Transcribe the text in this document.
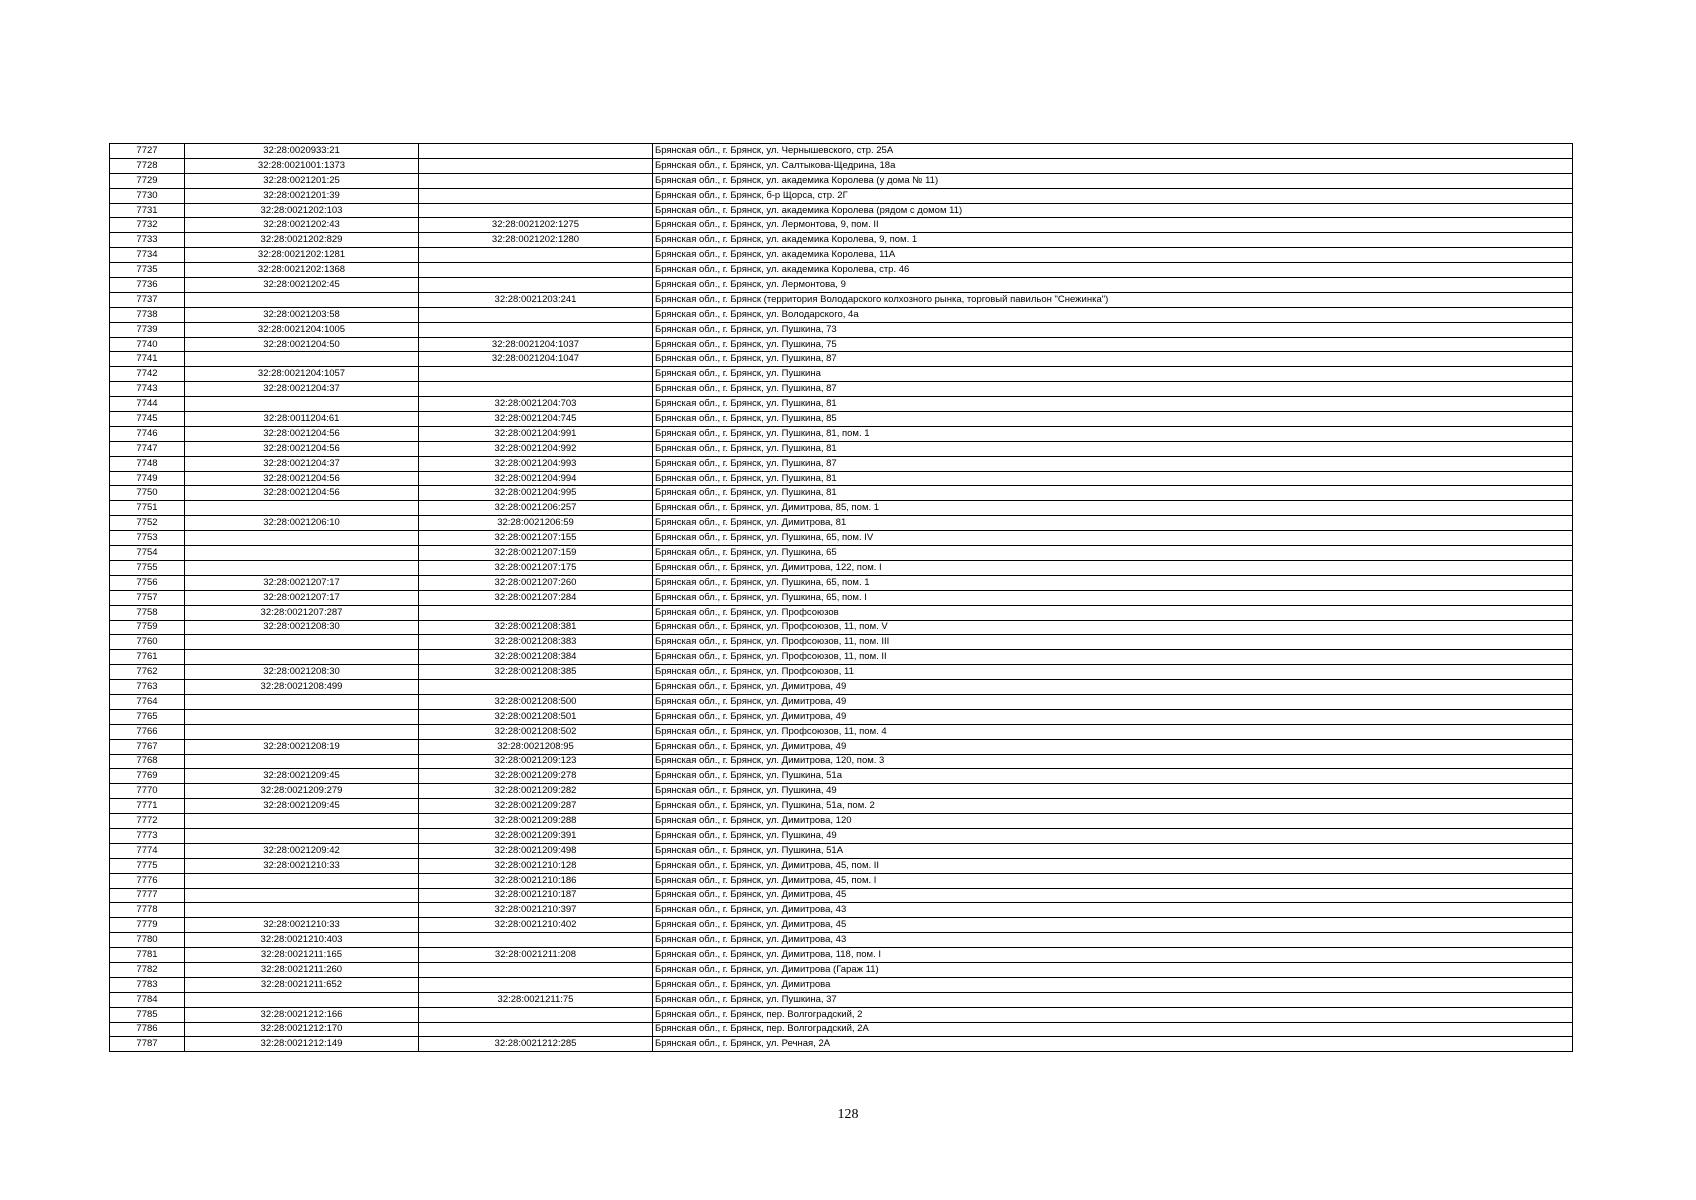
7727	32:28:0020933:21		Брянская обл., г. Брянск, ул. Чернышевского, стр. 25А
7728	32:28:0021001:1373		Брянская обл., г. Брянск, ул. Салтыкова-Щедрина, 18а
7729	32:28:0021201:25		Брянская обл., г. Брянск, ул. академика Королева (у дома № 11)
7730	32:28:0021201:39		Брянская обл., г. Брянск, б-р Щорса, стр. 2Г
7731	32:28:0021202:103		Брянская обл., г. Брянск, ул. академика Королева (рядом с домом 11)
7732	32:28:0021202:43	32:28:0021202:1275	Брянская обл., г. Брянск, ул. Лермонтова, 9, пом. II
7733	32:28:0021202:829	32:28:0021202:1280	Брянская обл., г. Брянск, ул. академика Королева, 9, пом. 1
7734	32:28:0021202:1281		Брянская обл., г. Брянск, ул. академика Королева, 11А
7735	32:28:0021202:1368		Брянская обл., г. Брянск, ул. академика Королева, стр. 46
7736	32:28:0021202:45		Брянская обл., г. Брянск, ул. Лермонтова, 9
7737		32:28:0021203:241	Брянская обл., г. Брянск (территория Володарского колхозного рынка, торговый павильон "Снежинка")
7738	32:28:0021203:58		Брянская обл., г. Брянск, ул. Володарского, 4а
7739	32:28:0021204:1005		Брянская обл., г. Брянск, ул. Пушкина, 73
7740	32:28:0021204:50	32:28:0021204:1037	Брянская обл., г. Брянск, ул. Пушкина, 75
7741		32:28:0021204:1047	Брянская обл., г. Брянск, ул. Пушкина, 87
7742	32:28:0021204:1057		Брянская обл., г. Брянск, ул. Пушкина
7743	32:28:0021204:37		Брянская обл., г. Брянск, ул. Пушкина, 87
7744		32:28:0021204:703	Брянская обл., г. Брянск, ул. Пушкина, 81
7745	32:28:0011204:61	32:28:0021204:745	Брянская обл., г. Брянск, ул. Пушкина, 85
7746	32:28:0021204:56	32:28:0021204:991	Брянская обл., г. Брянск, ул. Пушкина, 81, пом. 1
7747	32:28:0021204:56	32:28:0021204:992	Брянская обл., г. Брянск, ул. Пушкина, 81
7748	32:28:0021204:37	32:28:0021204:993	Брянская обл., г. Брянск, ул. Пушкина, 87
7749	32:28:0021204:56	32:28:0021204:994	Брянская обл., г. Брянск, ул. Пушкина, 81
7750	32:28:0021204:56	32:28:0021204:995	Брянская обл., г. Брянск, ул. Пушкина, 81
7751		32:28:0021206:257	Брянская обл., г. Брянск, ул. Димитрова, 85, пом. 1
7752	32:28:0021206:10	32:28:0021206:59	Брянская обл., г. Брянск, ул. Димитрова, 81
7753		32:28:0021207:155	Брянская обл., г. Брянск, ул. Пушкина, 65, пом. IV
7754		32:28:0021207:159	Брянская обл., г. Брянск, ул. Пушкина, 65
7755		32:28:0021207:175	Брянская обл., г. Брянск, ул. Димитрова, 122, пом. I
7756	32:28:0021207:17	32:28:0021207:260	Брянская обл., г. Брянск, ул. Пушкина, 65, пом. 1
7757	32:28:0021207:17	32:28:0021207:284	Брянская обл., г. Брянск, ул. Пушкина, 65, пом. I
7758	32:28:0021207:287		Брянская обл., г. Брянск, ул. Профсоюзов
7759	32:28:0021208:30	32:28:0021208:381	Брянская обл., г. Брянск, ул. Профсоюзов, 11, пом. V
7760		32:28:0021208:383	Брянская обл., г. Брянск, ул. Профсоюзов, 11, пом. III
7761		32:28:0021208:384	Брянская обл., г. Брянск, ул. Профсоюзов, 11, пом. II
7762	32:28:0021208:30	32:28:0021208:385	Брянская обл., г. Брянск, ул. Профсоюзов, 11
7763	32:28:0021208:499		Брянская обл., г. Брянск, ул. Димитрова, 49
7764		32:28:0021208:500	Брянская обл., г. Брянск, ул. Димитрова, 49
7765		32:28:0021208:501	Брянская обл., г. Брянск, ул. Димитрова, 49
7766		32:28:0021208:502	Брянская обл., г. Брянск, ул. Профсоюзов, 11, пом. 4
7767	32:28:0021208:19	32:28:0021208:95	Брянская обл., г. Брянск, ул. Димитрова, 49
7768		32:28:0021209:123	Брянская обл., г. Брянск, ул. Димитрова, 120, пом. 3
7769	32:28:0021209:45	32:28:0021209:278	Брянская обл., г. Брянск, ул. Пушкина, 51а
7770	32:28:0021209:279	32:28:0021209:282	Брянская обл., г. Брянск, ул. Пушкина, 49
7771	32:28:0021209:45	32:28:0021209:287	Брянская обл., г. Брянск, ул. Пушкина, 51а, пом. 2
7772		32:28:0021209:288	Брянская обл., г. Брянск, ул. Димитрова, 120
7773		32:28:0021209:391	Брянская обл., г. Брянск, ул. Пушкина, 49
7774	32:28:0021209:42	32:28:0021209:498	Брянская обл., г. Брянск, ул. Пушкина, 51А
7775	32:28:0021210:33	32:28:0021210:128	Брянская обл., г. Брянск, ул. Димитрова, 45, пом. II
7776		32:28:0021210:186	Брянская обл., г. Брянск, ул. Димитрова, 45, пом. I
7777		32:28:0021210:187	Брянская обл., г. Брянск, ул. Димитрова, 45
7778		32:28:0021210:397	Брянская обл., г. Брянск, ул. Димитрова, 43
7779	32:28:0021210:33	32:28:0021210:402	Брянская обл., г. Брянск, ул. Димитрова, 45
7780	32:28:0021210:403		Брянская обл., г. Брянск, ул. Димитрова, 43
7781	32:28:0021211:165	32:28:0021211:208	Брянская обл., г. Брянск, ул. Димитрова, 118, пом. I
7782	32:28:0021211:260		Брянская обл., г. Брянск, ул. Димитрова (Гараж 11)
7783	32:28:0021211:652		Брянская обл., г. Брянск, ул. Димитрова
7784		32:28:0021211:75	Брянская обл., г. Брянск, ул. Пушкина, 37
7785	32:28:0021212:166		Брянская обл., г. Брянск, пер. Волгоградский, 2
7786	32:28:0021212:170		Брянская обл., г. Брянск, пер. Волгоградский, 2А
7787	32:28:0021212:149	32:28:0021212:285	Брянская обл., г. Брянск, ул. Речная, 2А
128
